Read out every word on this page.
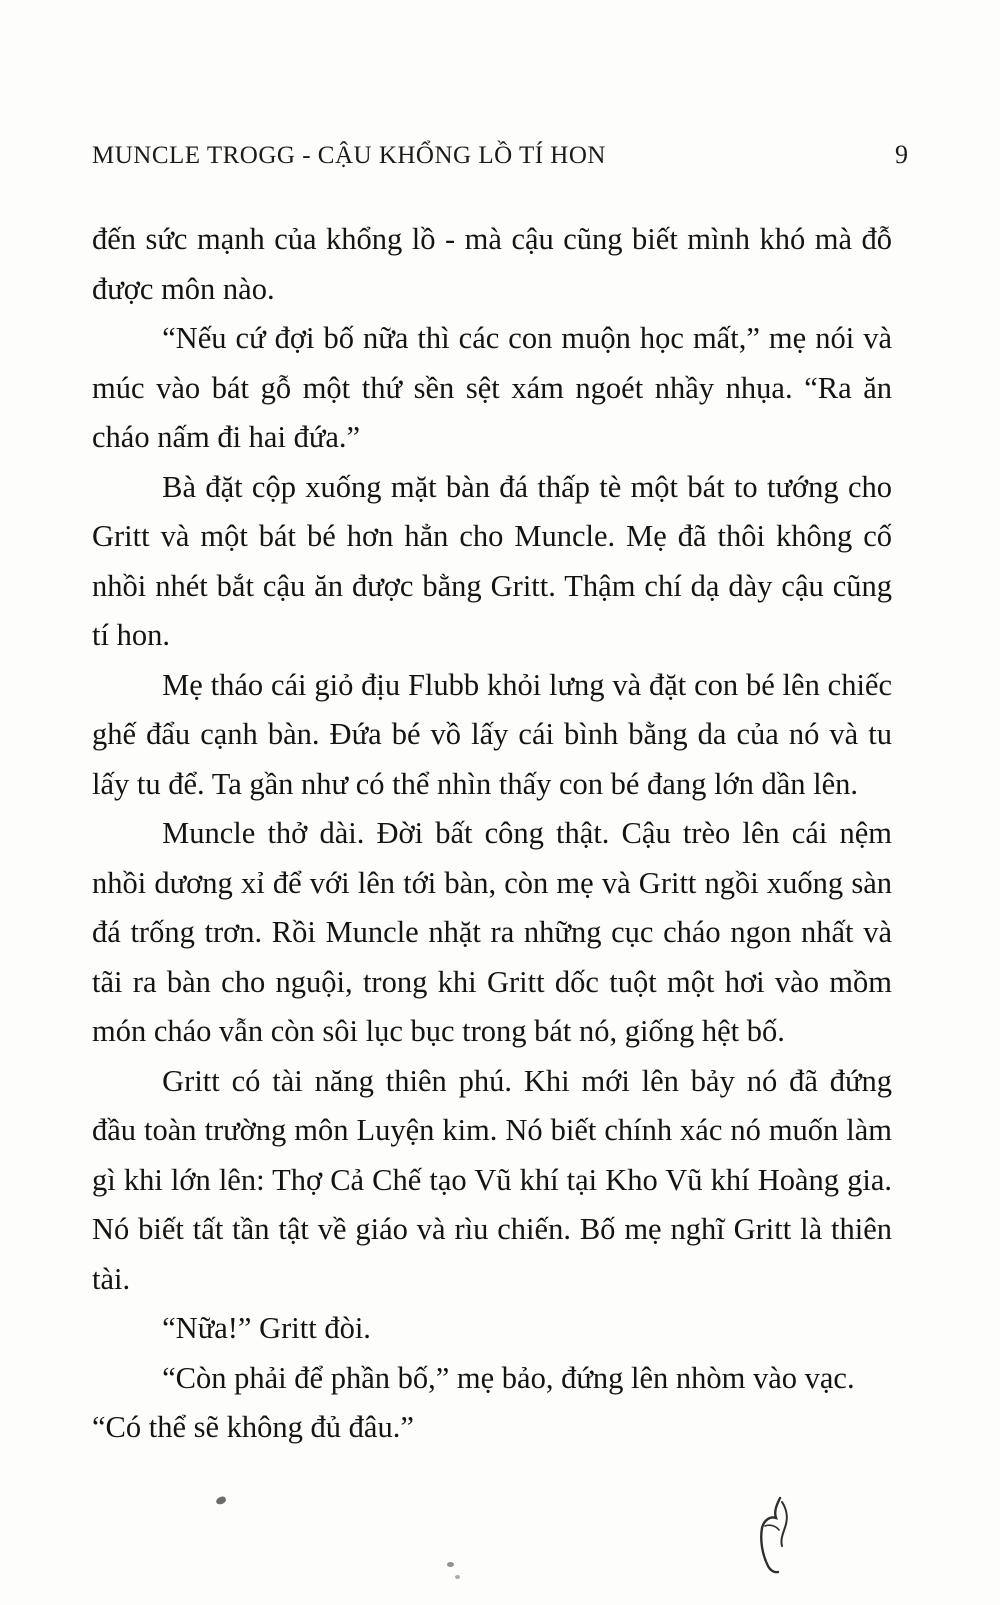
MUNCLE TROGG - CẬU KHỔNG LỒ TÍ HON	9

đến sức mạnh của khổng lồ - mà cậu cũng biết mình khó mà đỗ được môn nào.

“Nếu cứ đợi bố nữa thì các con muộn học mất,” mẹ nói và múc vào bát gỗ một thứ sền sệt xám ngoét nhầy nhụa. “Ra ăn cháo nấm đi hai đứa.”

Bà đặt cộp xuống mặt bàn đá thấp tè một bát to tướng cho Gritt và một bát bé hơn hẳn cho Muncle. Mẹ đã thôi không cố nhồi nhét bắt cậu ăn được bằng Gritt. Thậm chí dạ dày cậu cũng tí hon.

Mẹ tháo cái giỏ địu Flubb khỏi lưng và đặt con bé lên chiếc ghế đẩu cạnh bàn. Đứa bé vồ lấy cái bình bằng da của nó và tu lấy tu để. Ta gần như có thể nhìn thấy con bé đang lớn dần lên.

Muncle thở dài. Đời bất công thật. Cậu trèo lên cái nệm nhồi dương xỉ để với lên tới bàn, còn mẹ và Gritt ngồi xuống sàn đá trống trơn. Rồi Muncle nhặt ra những cục cháo ngon nhất và tãi ra bàn cho nguội, trong khi Gritt dốc tuột một hơi vào mồm món cháo vẫn còn sôi lục bục trong bát nó, giống hệt bố.

Gritt có tài năng thiên phú. Khi mới lên bảy nó đã đứng đầu toàn trường môn Luyện kim. Nó biết chính xác nó muốn làm gì khi lớn lên: Thợ Cả Chế tạo Vũ khí tại Kho Vũ khí Hoàng gia. Nó biết tất tần tật về giáo và rìu chiến. Bố mẹ nghĩ Gritt là thiên tài.

“Nữa!” Gritt đòi.

“Còn phải để phần bố,” mẹ bảo, đứng lên nhòm vào vạc.

“Có thể sẽ không đủ đâu.”
